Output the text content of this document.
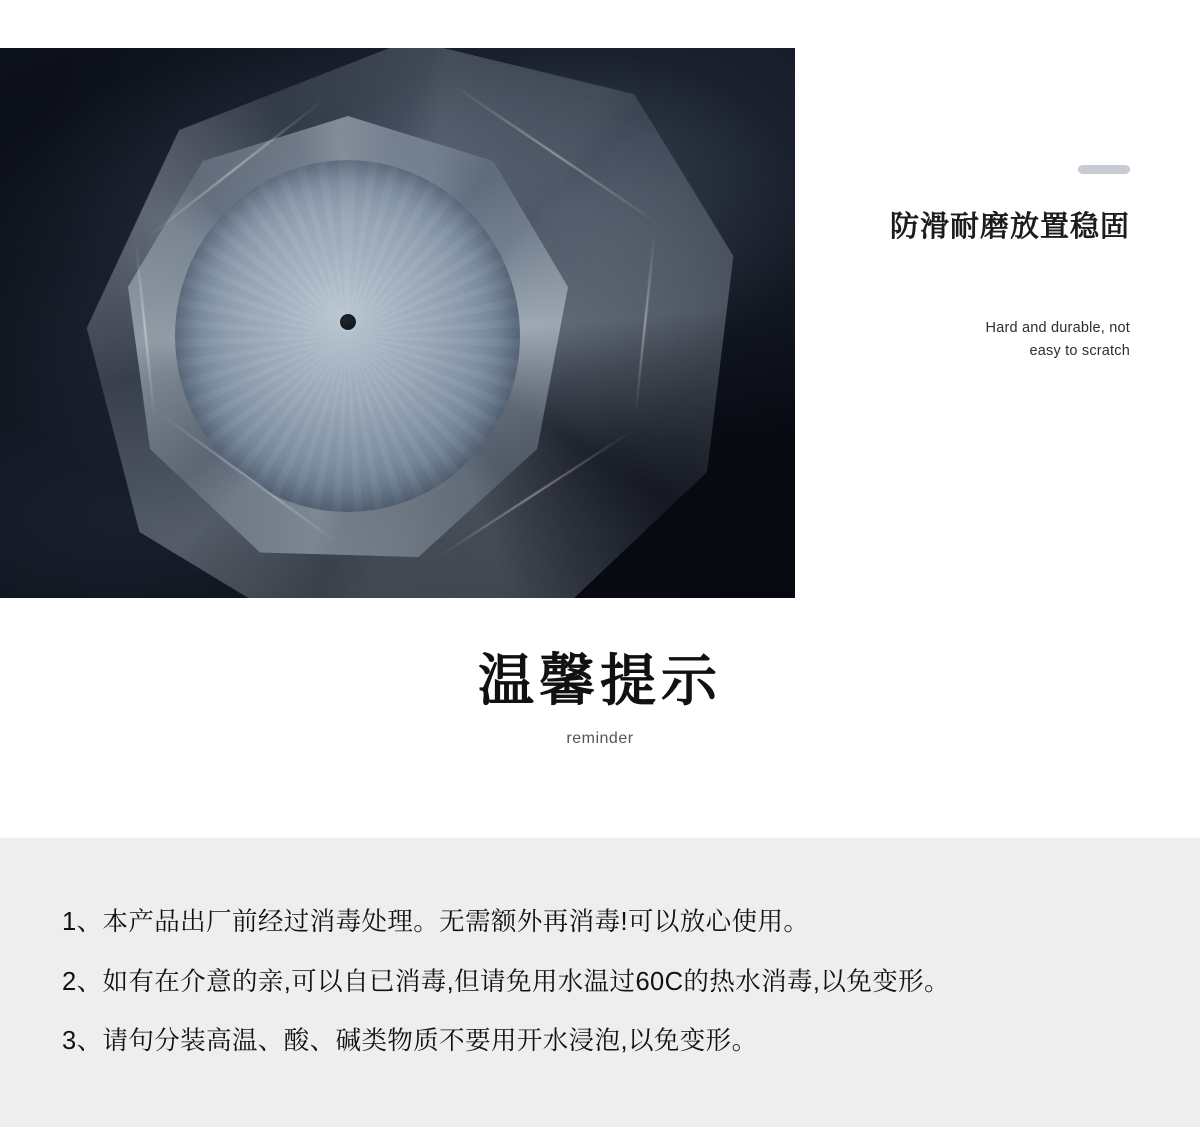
防滑耐磨放置稳固
Hard and durable, not
easy to scratch
温馨提示
reminder
1、本产品出厂前经过消毒处理。无需额外再消毒!可以放心使用。
2、如有在介意的亲,可以自已消毒,但请免用水温过60C的热水消毒,以免变形。
3、请句分装高温、酸、碱类物质不要用开水浸泡,以免变形。
